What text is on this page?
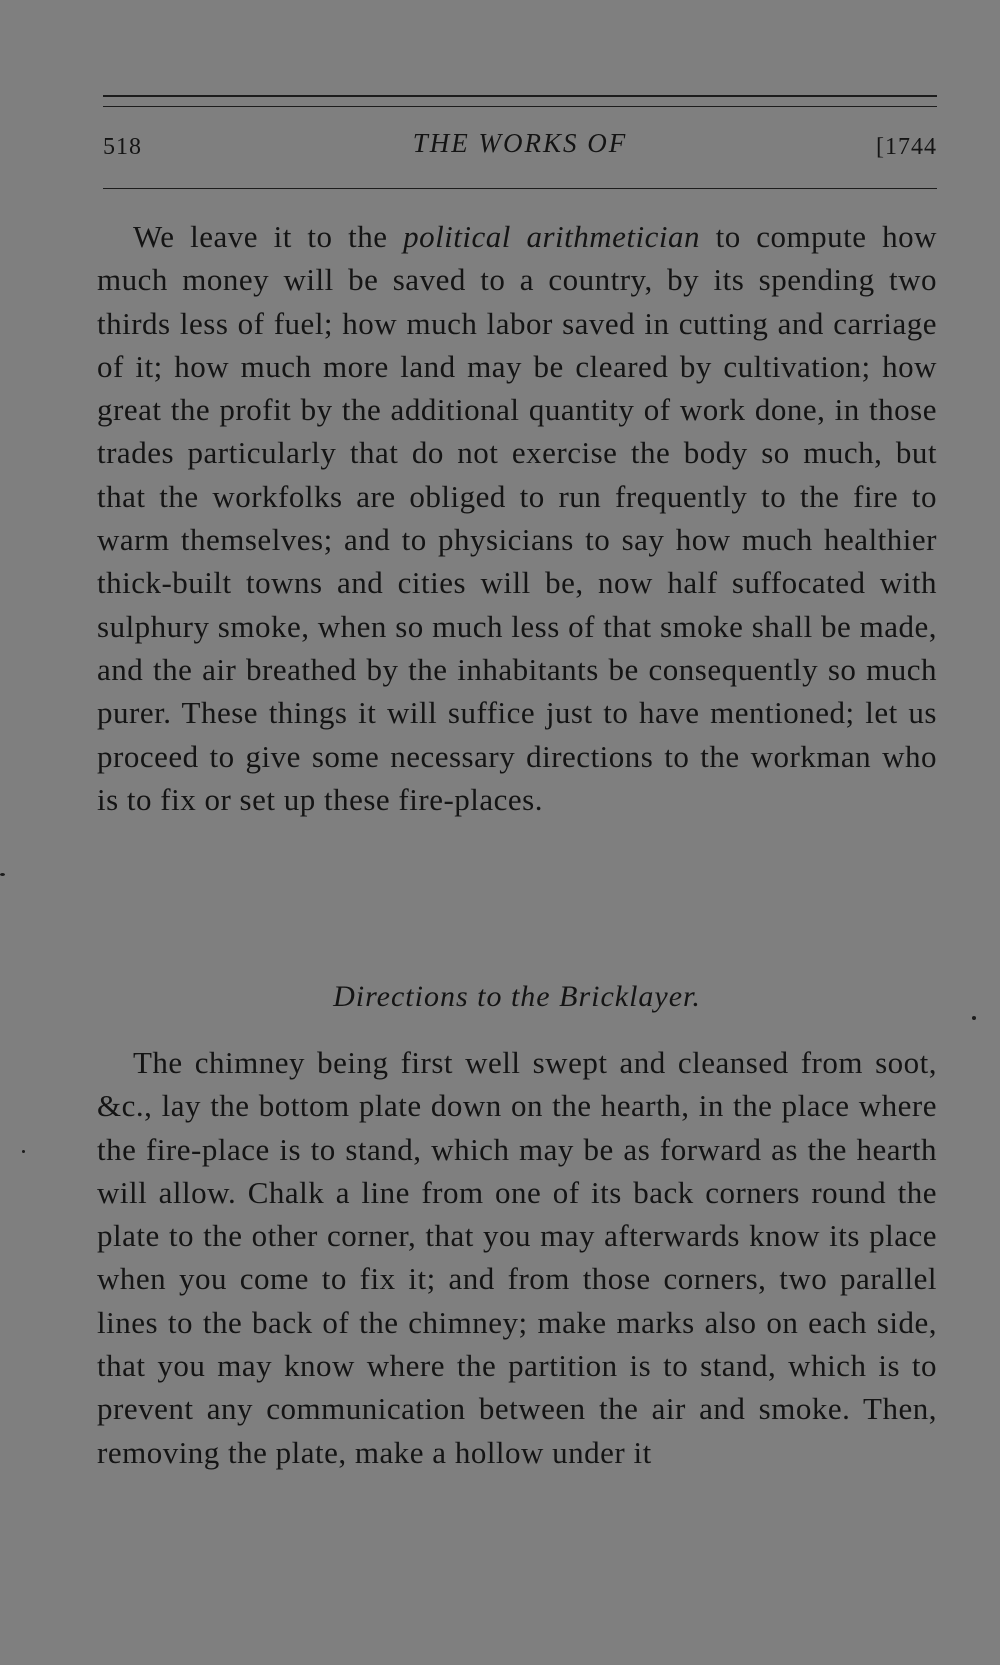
518	THE WORKS OF	[1744

We leave it to the political arithmetician to compute how much money will be saved to a country, by its spending two thirds less of fuel; how much labor saved in cutting and carriage of it; how much more land may be cleared by cultivation; how great the profit by the additional quantity of work done, in those trades particularly that do not exercise the body so much, but that the workfolks are obliged to run frequently to the fire to warm themselves; and to physicians to say how much healthier thick-built towns and cities will be, now half suffocated with sulphury smoke, when so much less of that smoke shall be made, and the air breathed by the inhabitants be consequently so much purer. These things it will suffice just to have mentioned; let us proceed to give some necessary directions to the workman who is to fix or set up these fire-places.

Directions to the Bricklayer.

The chimney being first well swept and cleansed from soot, &c., lay the bottom plate down on the hearth, in the place where the fire-place is to stand, which may be as forward as the hearth will allow. Chalk a line from one of its back corners round the plate to the other corner, that you may afterwards know its place when you come to fix it; and from those corners, two parallel lines to the back of the chimney; make marks also on each side, that you may know where the partition is to stand, which is to prevent any communication between the air and smoke. Then, removing the plate, make a hollow under it
